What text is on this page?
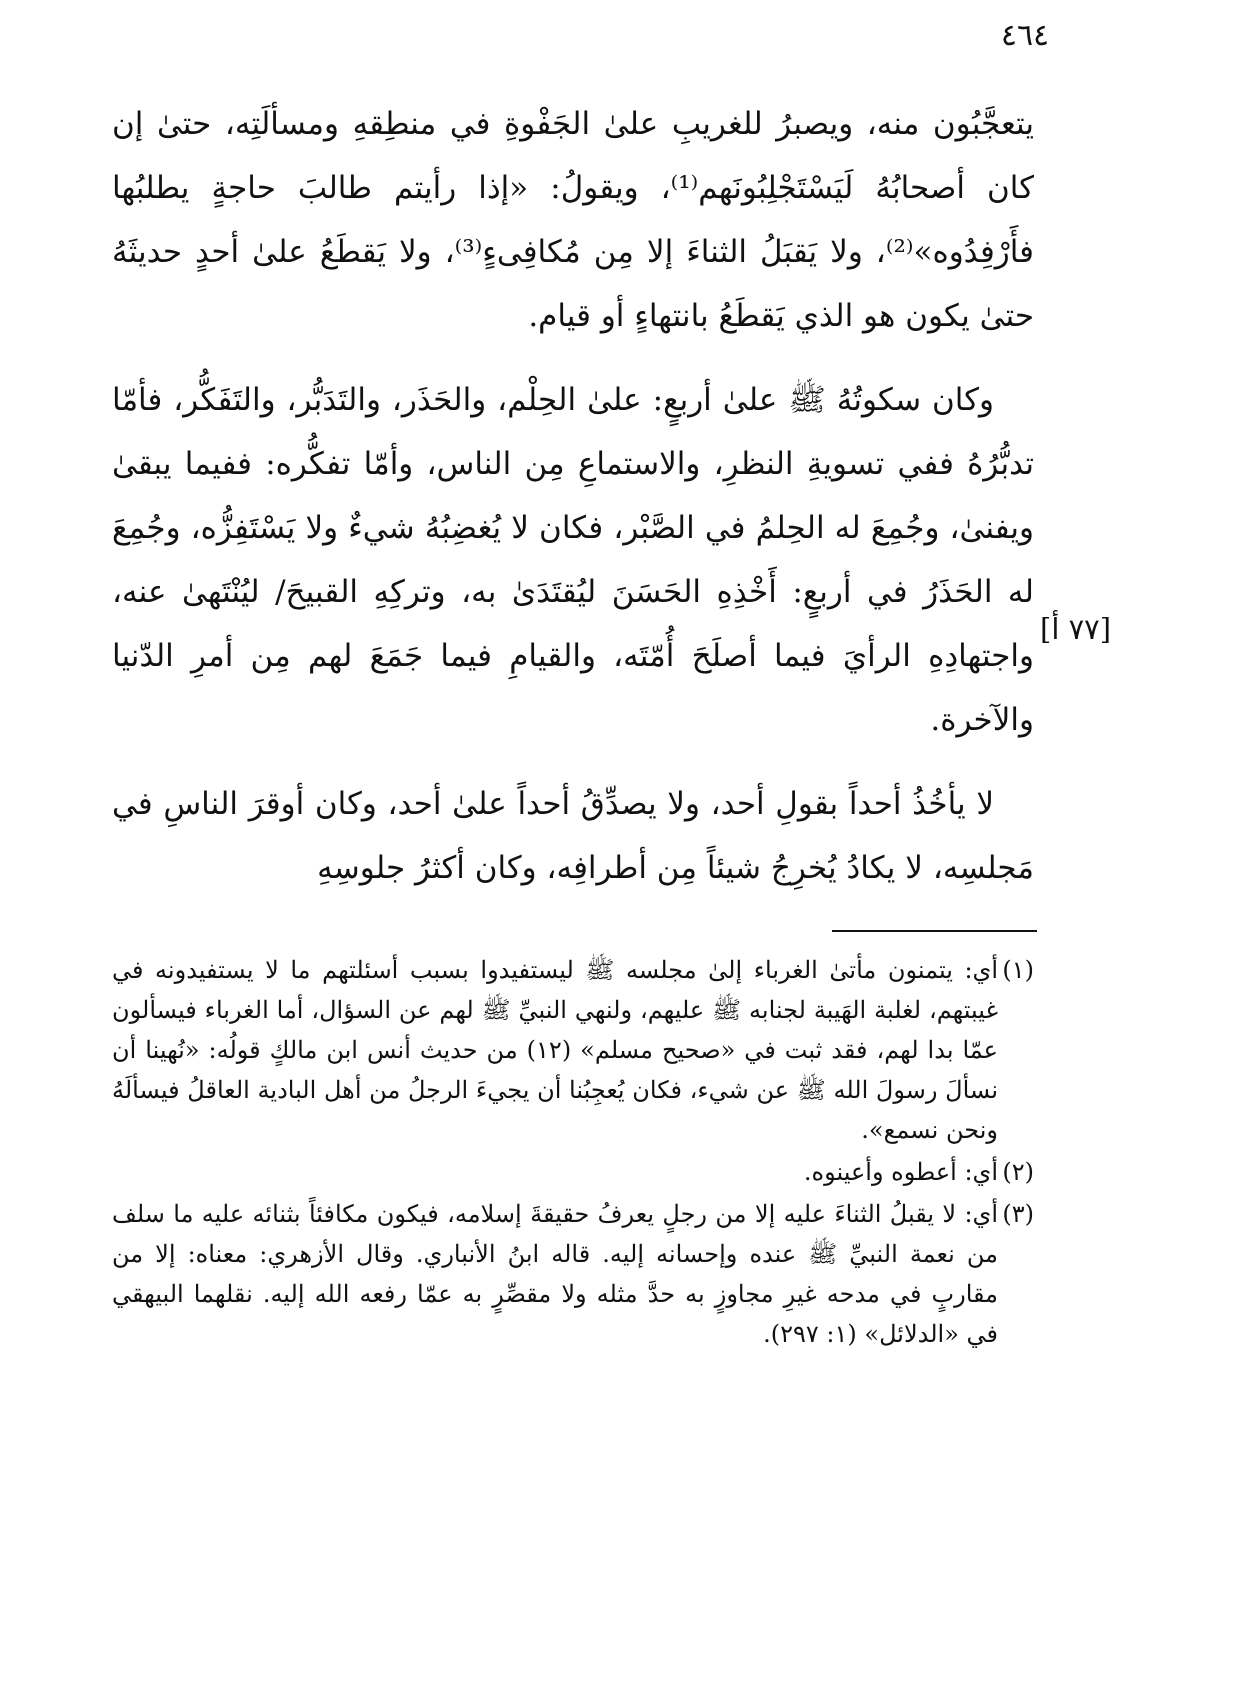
٤٦٤

يتعجَّبُون منه، ويصبرُ للغريبِ علىٰ الجَفْوةِ في منطِقهِ ومسألَتِه، حتىٰ إن كان أصحابُهُ لَيَسْتَجْلِبُونَهم⁽¹⁾، ويقولُ: «إذا رأيتم طالبَ حاجةٍ يطلبُها فأَرْفِدُوه»⁽²⁾، ولا يَقبَلُ الثناءَ إلا مِن مُكافِىءٍ⁽³⁾، ولا يَقطَعُ علىٰ أحدٍ حديثَهُ حتىٰ يكون هو الذي يَقطَعُ بانتهاءٍ أو قيام.

وكان سكوتُهُ ﷺ علىٰ أربعٍ: علىٰ الحِلْم، والحَذَر، والتَدَبُّر، والتَفَكُّر، فأمّا تدبُّرُهُ ففي تسويةِ النظرِ، والاستماعِ مِن الناس، وأمّا تفكُّره: ففيما يبقىٰ ويفنىٰ، وجُمِعَ له الحِلمُ في الصَّبْر، فكان لا يُغضِبُهُ شيءٌ ولا يَسْتَفِزُّه، وجُمِعَ له الحَذَرُ في أربعٍ: أَخْذِهِ الحَسَنَ ليُقتَدَىٰ به، وتركِهِ القبيحَ/ ليُنْتَهىٰ عنه، واجتهادِهِ الرأيَ فيما أصلَحَ أُمّتَه، والقيامِ فيما جَمَعَ لهم مِن أمرِ الدّنيا والآخرة.

لا يأخُذُ أحداً بقولِ أحد، ولا يصدِّقُ أحداً علىٰ أحد، وكان أوقرَ الناسِ في مَجلسِه، لا يكادُ يُخرِجُ شيئاً مِن أطرافِه، وكان أكثرُ جلوسِهِ

[٧٧ أ]
(١)
أي: يتمنون مأتىٰ الغرباء إلىٰ مجلسه ﷺ ليستفيدوا بسبب أسئلتهم ما لا يستفيدونه في غيبتهم، لغلبة الهَيبة لجنابه ﷺ عليهم، ولنهي النبيِّ ﷺ لهم عن السؤال، أما الغرباء فيسألون عمّا بدا لهم، فقد ثبت في «صحيح مسلم» (١٢) من حديث أنس ابن مالكٍ قولُه: «نُهينا أن نسألَ رسولَ الله ﷺ عن شيء، فكان يُعجِبُنا أن يجيءَ الرجلُ من أهل البادية العاقلُ فيسألَهُ ونحن نسمع».
(٢)
أي: أعطوه وأعينوه.
(٣)
أي: لا يقبلُ الثناءَ عليه إلا من رجلٍ يعرفُ حقيقةَ إسلامه، فيكون مكافئاً بثنائه عليه ما سلف من نعمة النبيِّ ﷺ عنده وإحسانه إليه. قاله ابنُ الأنباري. وقال الأزهري: معناه: إلا من مقاربٍ في مدحه غيرِ مجاوزٍ به حدَّ مثله ولا مقصِّرٍ به عمّا رفعه الله إليه. نقلهما البيهقي في «الدلائل» (١: ٢٩٧).
